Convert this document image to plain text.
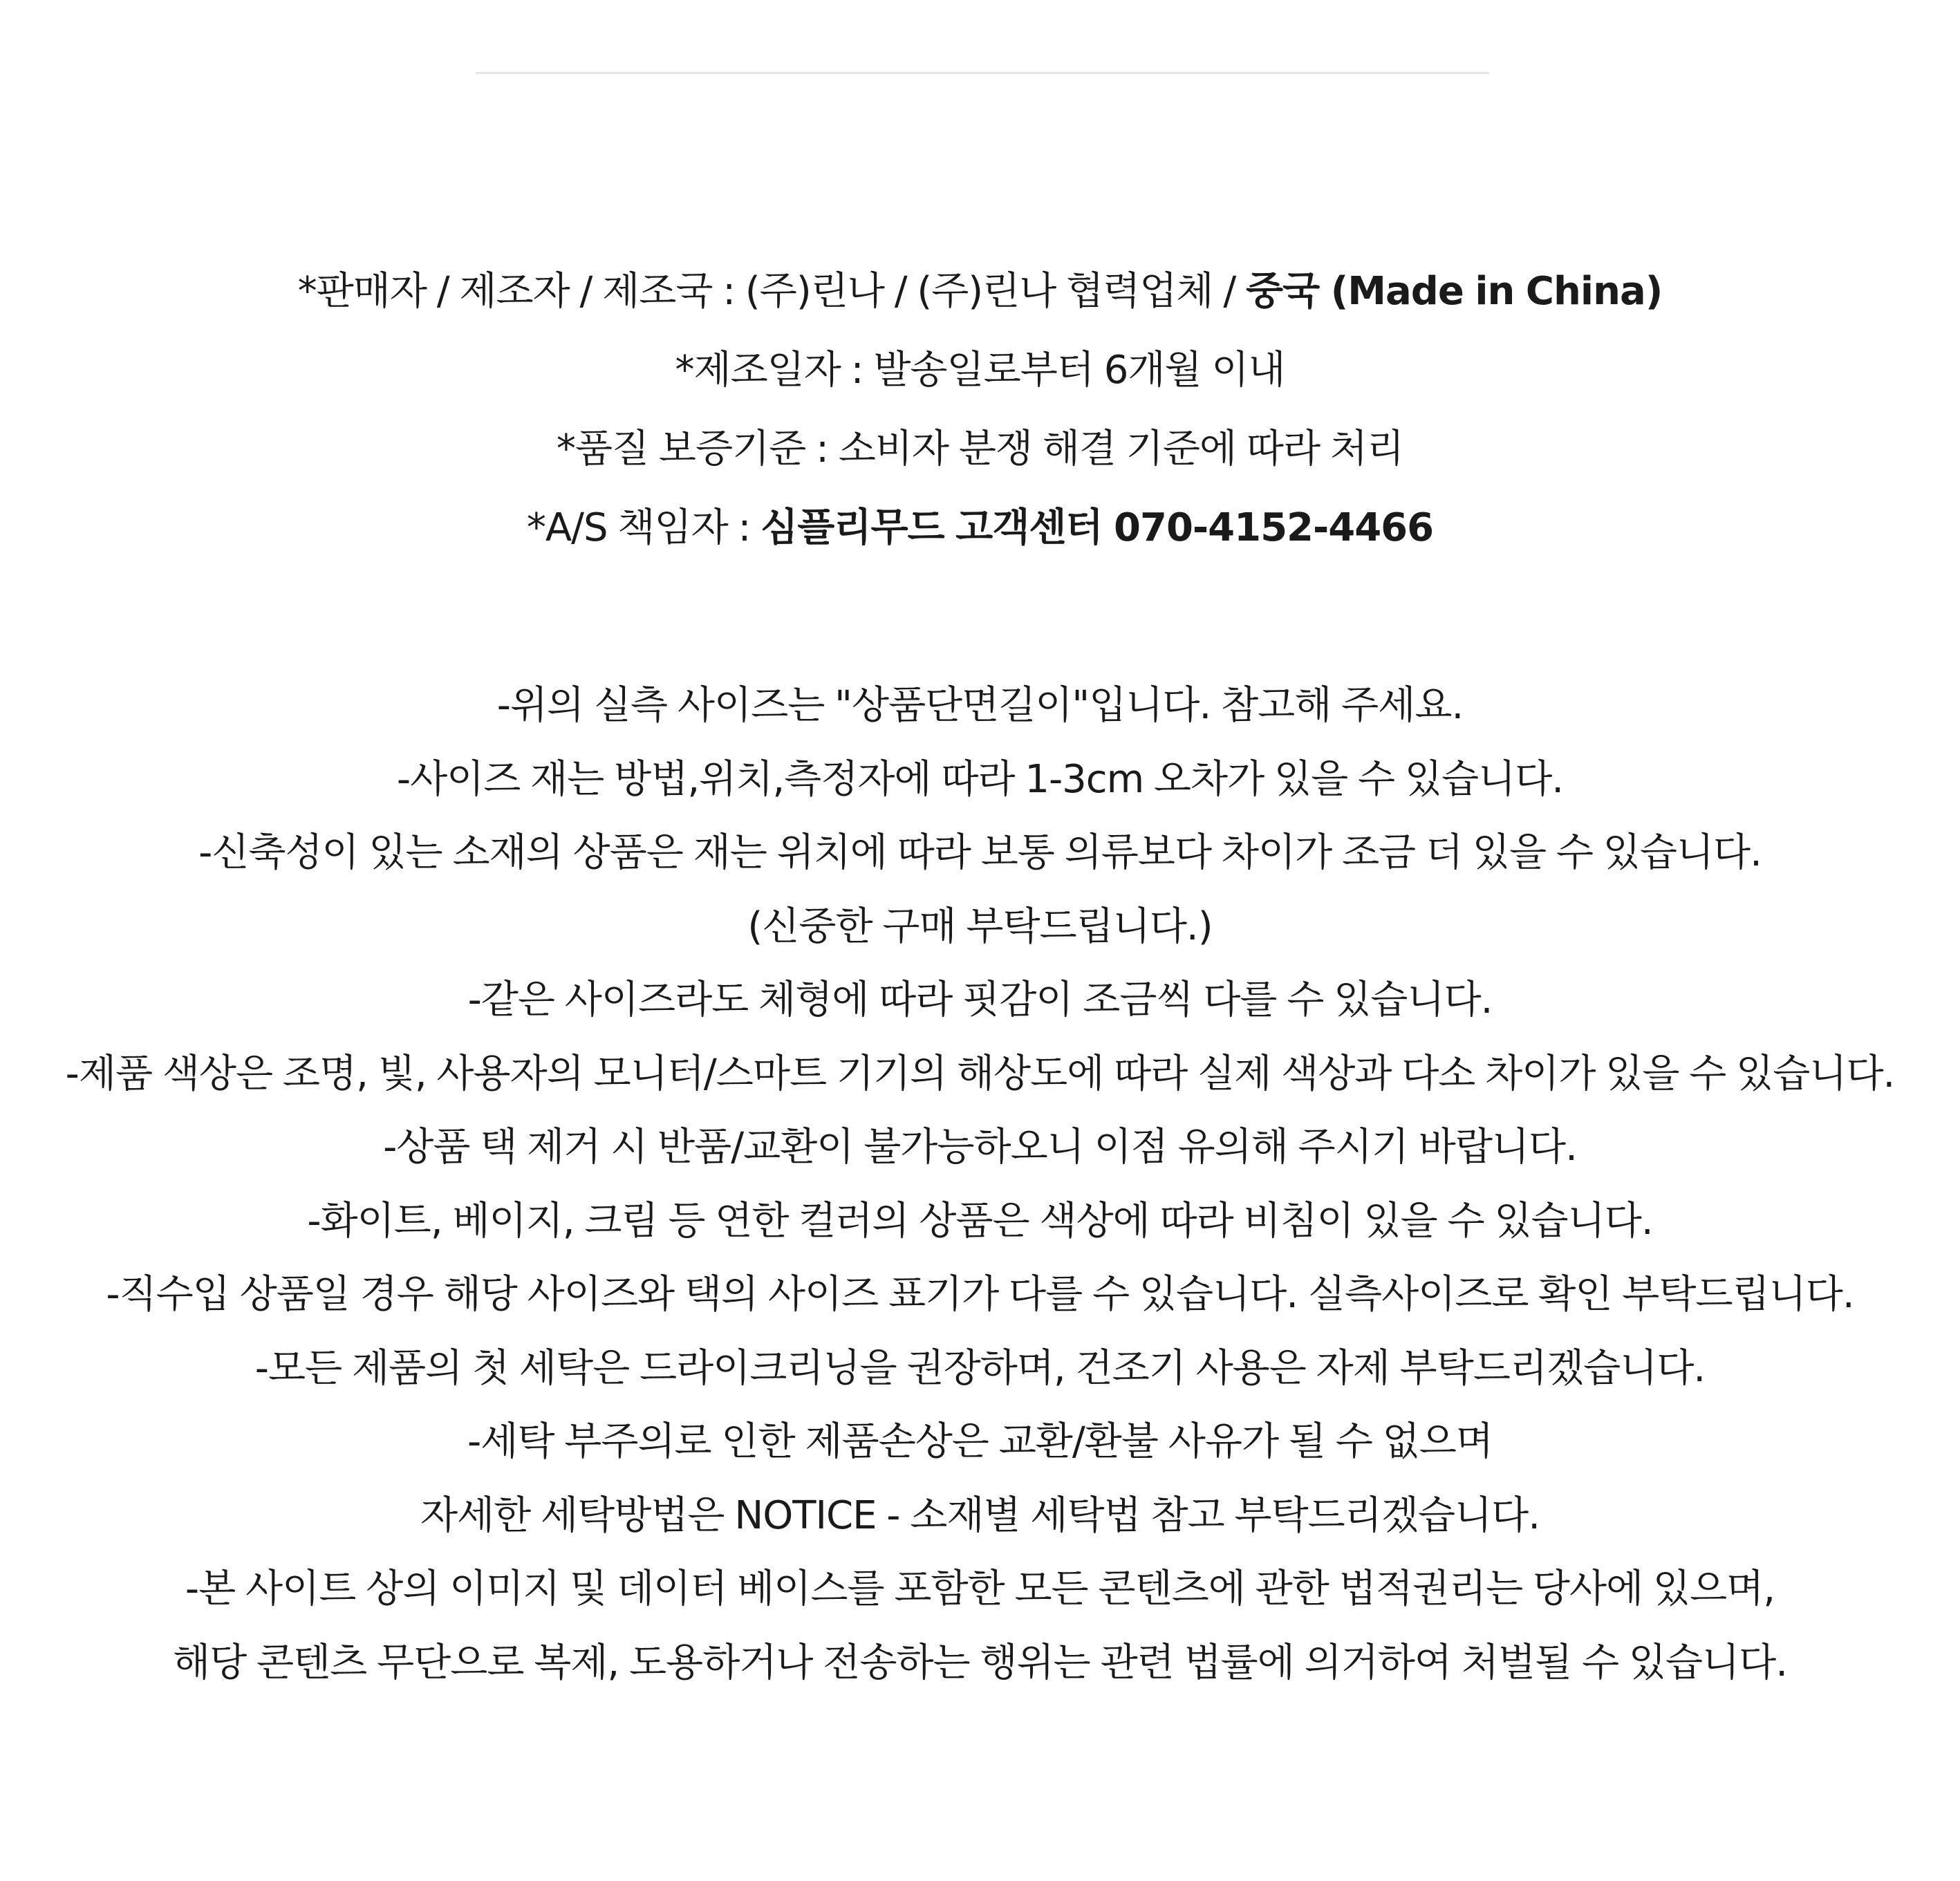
*판매자 / 제조자 / 제조국 : (주)린나 / (주)린나 협력업체 / 중국 (Made in China)
*제조일자 : 발송일로부터 6개월 이내
*품질 보증기준 : 소비자 분쟁 해결 기준에 따라 처리
*A/S 책임자 : 심플리무드 고객센터 070-4152-4466
-위의 실측 사이즈는 "상품단면길이"입니다. 참고해 주세요.
-사이즈 재는 방법,위치,측정자에 따라 1-3cm 오차가 있을 수 있습니다.
-신축성이 있는 소재의 상품은 재는 위치에 따라 보통 의류보다 차이가 조금 더 있을 수 있습니다.
(신중한 구매 부탁드립니다.)
-같은 사이즈라도 체형에 따라 핏감이 조금씩 다를 수 있습니다.
-제품 색상은 조명, 빛, 사용자의 모니터/스마트 기기의 해상도에 따라 실제 색상과 다소 차이가 있을 수 있습니다.
-상품 택 제거 시 반품/교환이 불가능하오니 이점 유의해 주시기 바랍니다.
-화이트, 베이지, 크림 등 연한 컬러의 상품은 색상에 따라 비침이 있을 수 있습니다.
-직수입 상품일 경우 해당 사이즈와 택의 사이즈 표기가 다를 수 있습니다. 실측사이즈로 확인 부탁드립니다.
-모든 제품의 첫 세탁은 드라이크리닝을 권장하며, 건조기 사용은 자제 부탁드리겠습니다.
-세탁 부주의로 인한 제품손상은 교환/환불 사유가 될 수 없으며
자세한 세탁방법은 NOTICE - 소재별 세탁법 참고 부탁드리겠습니다.
-본 사이트 상의 이미지 및 데이터 베이스를 포함한 모든 콘텐츠에 관한 법적권리는 당사에 있으며,
해당 콘텐츠 무단으로 복제, 도용하거나 전송하는 행위는 관련 법률에 의거하여 처벌될 수 있습니다.
